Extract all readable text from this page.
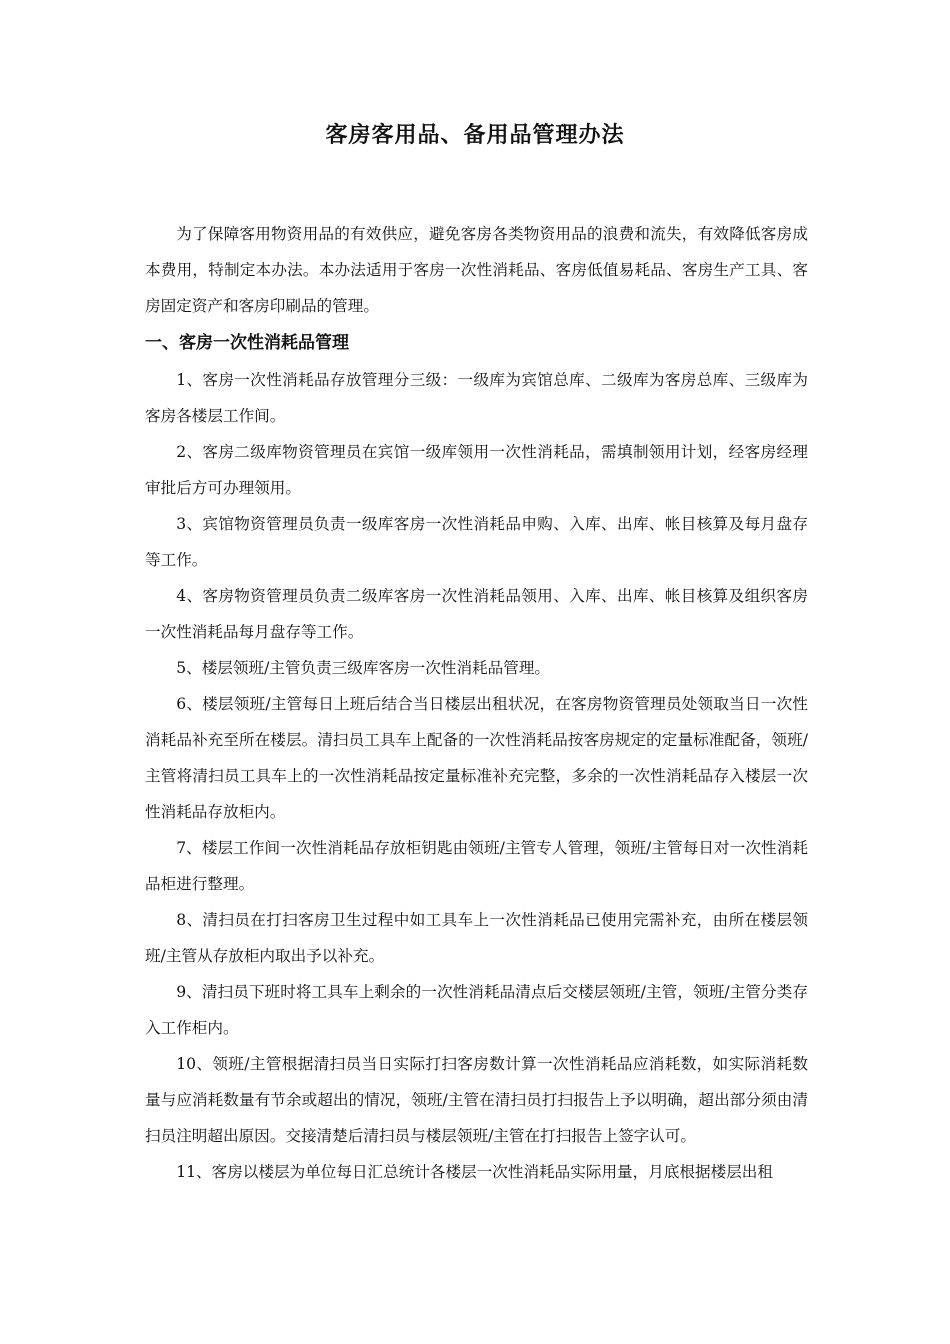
客房客用品、备用品管理办法

为了保障客用物资用品的有效供应，避免客房各类物资用品的浪费和流失，有效降低客房成本费用，特制定本办法。本办法适用于客房一次性消耗品、客房低值易耗品、客房生产工具、客房固定资产和客房印刷品的管理。

一、客房一次性消耗品管理

1、客房一次性消耗品存放管理分三级：一级库为宾馆总库、二级库为客房总库、三级库为客房各楼层工作间。

2、客房二级库物资管理员在宾馆一级库领用一次性消耗品，需填制领用计划，经客房经理审批后方可办理领用。

3、宾馆物资管理员负责一级库客房一次性消耗品申购、入库、出库、帐目核算及每月盘存等工作。

4、客房物资管理员负责二级库客房一次性消耗品领用、入库、出库、帐目核算及组织客房一次性消耗品每月盘存等工作。

5、楼层领班/主管负责三级库客房一次性消耗品管理。

6、楼层领班/主管每日上班后结合当日楼层出租状况，在客房物资管理员处领取当日一次性消耗品补充至所在楼层。清扫员工具车上配备的一次性消耗品按客房规定的定量标准配备，领班/主管将清扫员工具车上的一次性消耗品按定量标准补充完整，多余的一次性消耗品存入楼层一次性消耗品存放柜内。

7、楼层工作间一次性消耗品存放柜钥匙由领班/主管专人管理，领班/主管每日对一次性消耗品柜进行整理。

8、清扫员在打扫客房卫生过程中如工具车上一次性消耗品已使用完需补充，由所在楼层领班/主管从存放柜内取出予以补充。

9、清扫员下班时将工具车上剩余的一次性消耗品清点后交楼层领班/主管，领班/主管分类存入工作柜内。

10、领班/主管根据清扫员当日实际打扫客房数计算一次性消耗品应消耗数，如实际消耗数量与应消耗数量有节余或超出的情况，领班/主管在清扫员打扫报告上予以明确，超出部分须由清扫员注明超出原因。交接清楚后清扫员与楼层领班/主管在打扫报告上签字认可。

11、客房以楼层为单位每日汇总统计各楼层一次性消耗品实际用量，月底根据楼层出租
